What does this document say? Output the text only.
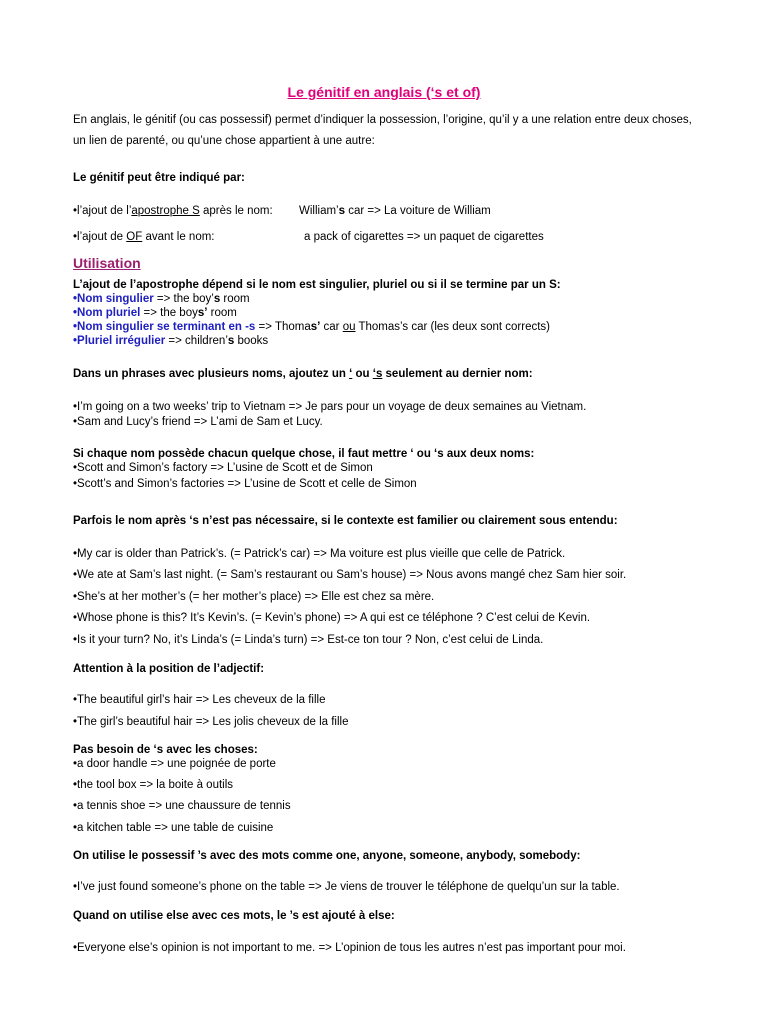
Le génitif en anglais (‘s et of)
En anglais, le génitif (ou cas possessif) permet d’indiquer la possession, l’origine, qu’il y a une relation entre deux choses, un lien de parenté, ou qu’une chose appartient à une autre:
Le génitif peut être indiqué par:
•l’ajout de l’apostrophe S après le nom: William’s car => La voiture de William
•l’ajout de OF avant le nom:	a pack of cigarettes => un paquet de cigarettes
Utilisation
L’ajout de l’apostrophe dépend si le nom est singulier, pluriel ou si il se termine par un S:
•Nom singulier => the boy’s room
•Nom pluriel => the boys’ room
•Nom singulier se terminant en -s => Thomas’ car ou Thomas’s car (les deux sont corrects)
•Pluriel irrégulier => children’s books
Dans un phrases avec plusieurs noms, ajoutez un ‘ ou ‘s seulement au dernier nom:
•I’m going on a two weeks’ trip to Vietnam => Je pars pour un voyage de deux semaines au Vietnam.
•Sam and Lucy’s friend => L’ami de Sam et Lucy.
Si chaque nom possède chacun quelque chose, il faut mettre ‘ ou ‘s aux deux noms:
•Scott and Simon’s factory => L’usine de Scott et de Simon
•Scott’s and Simon’s factories => L’usine de Scott et celle de Simon
Parfois le nom après ‘s n’est pas nécessaire, si le contexte est familier ou clairement sous entendu:
•My car is older than Patrick’s. (= Patrick’s car) => Ma voiture est plus vieille que celle de Patrick.
•We ate at Sam’s last night. (= Sam’s restaurant ou Sam’s house) => Nous avons mangé chez Sam hier soir.
•She’s at her mother’s (= her mother’s place) => Elle est chez sa mère.
•Whose phone is this? It’s Kevin’s. (= Kevin’s phone) => A qui est ce téléphone ? C’est celui de Kevin.
•Is it your turn? No, it’s Linda’s (= Linda’s turn) => Est-ce ton tour ? Non, c’est celui de Linda.
Attention à la position de l’adjectif:
•The beautiful girl’s hair => Les cheveux de la fille
•The girl’s beautiful hair => Les jolis cheveux de la fille
Pas besoin de ‘s avec les choses:
•a door handle => une poignée de porte
•the tool box => la boite à outils
•a tennis shoe => une chaussure de tennis
•a kitchen table => une table de cuisine
On utilise le possessif ’s avec des mots comme one, anyone, someone, anybody, somebody:
•I’ve just found someone’s phone on the table => Je viens de trouver le téléphone de quelqu’un sur la table.
Quand on utilise else avec ces mots, le ’s est ajouté à else:
•Everyone else’s opinion is not important to me. => L’opinion de tous les autres n’est pas important pour moi.
